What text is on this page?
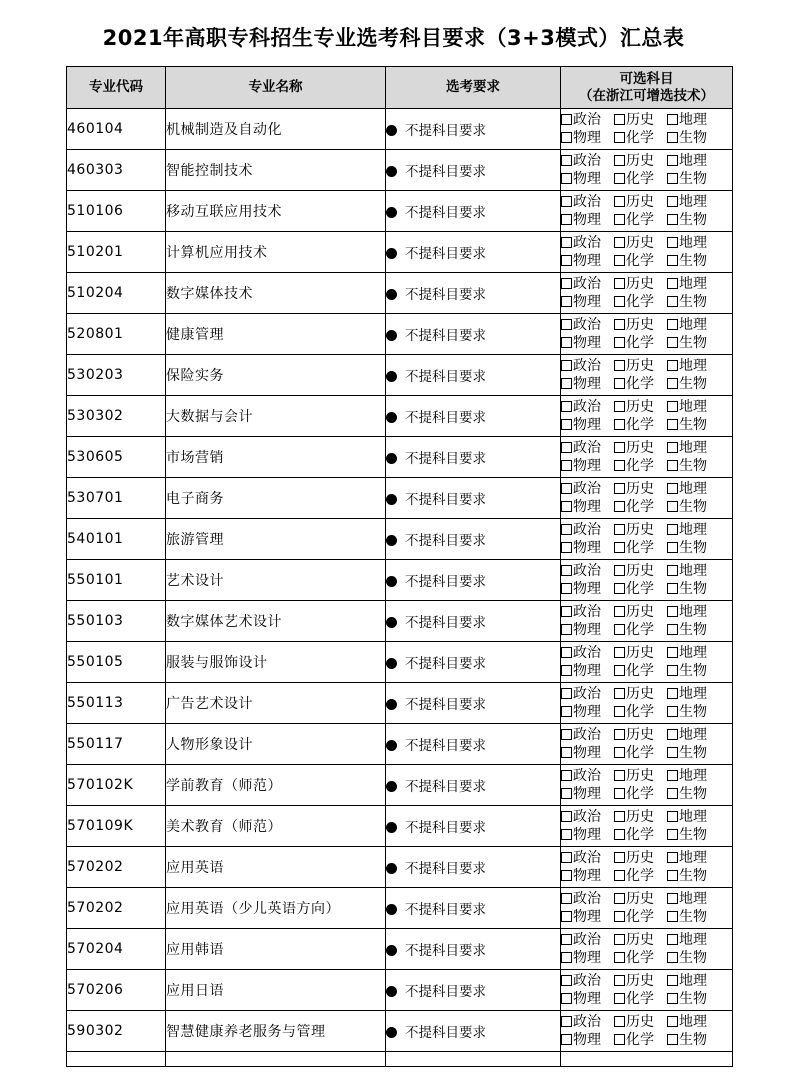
2021年高职专科招生专业选考科目要求（3+3模式）汇总表
专业代码	专业名称	选考要求	可选科目
（在浙江可增选技术）

460104	机械制造及自动化	不提科目要求	政治 历史 地理
物理 化学 生物

460303	智能控制技术	不提科目要求	政治 历史 地理
物理 化学 生物

510106	移动互联应用技术	不提科目要求	政治 历史 地理
物理 化学 生物

510201	计算机应用技术	不提科目要求	政治 历史 地理
物理 化学 生物

510204	数字媒体技术	不提科目要求	政治 历史 地理
物理 化学 生物

520801	健康管理	不提科目要求	政治 历史 地理
物理 化学 生物

530203	保险实务	不提科目要求	政治 历史 地理
物理 化学 生物

530302	大数据与会计	不提科目要求	政治 历史 地理
物理 化学 生物

530605	市场营销	不提科目要求	政治 历史 地理
物理 化学 生物

530701	电子商务	不提科目要求	政治 历史 地理
物理 化学 生物

540101	旅游管理	不提科目要求	政治 历史 地理
物理 化学 生物

550101	艺术设计	不提科目要求	政治 历史 地理
物理 化学 生物

550103	数字媒体艺术设计	不提科目要求	政治 历史 地理
物理 化学 生物

550105	服装与服饰设计	不提科目要求	政治 历史 地理
物理 化学 生物

550113	广告艺术设计	不提科目要求	政治 历史 地理
物理 化学 生物

550117	人物形象设计	不提科目要求	政治 历史 地理
物理 化学 生物

570102K	学前教育（师范）	不提科目要求	政治 历史 地理
物理 化学 生物

570109K	美术教育（师范）	不提科目要求	政治 历史 地理
物理 化学 生物

570202	应用英语	不提科目要求	政治 历史 地理
物理 化学 生物

570202	应用英语（少儿英语方向）	不提科目要求	政治 历史 地理
物理 化学 生物

570204	应用韩语	不提科目要求	政治 历史 地理
物理 化学 生物

570206	应用日语	不提科目要求	政治 历史 地理
物理 化学 生物

590302	智慧健康养老服务与管理	不提科目要求	政治 历史 地理
物理 化学 生物
